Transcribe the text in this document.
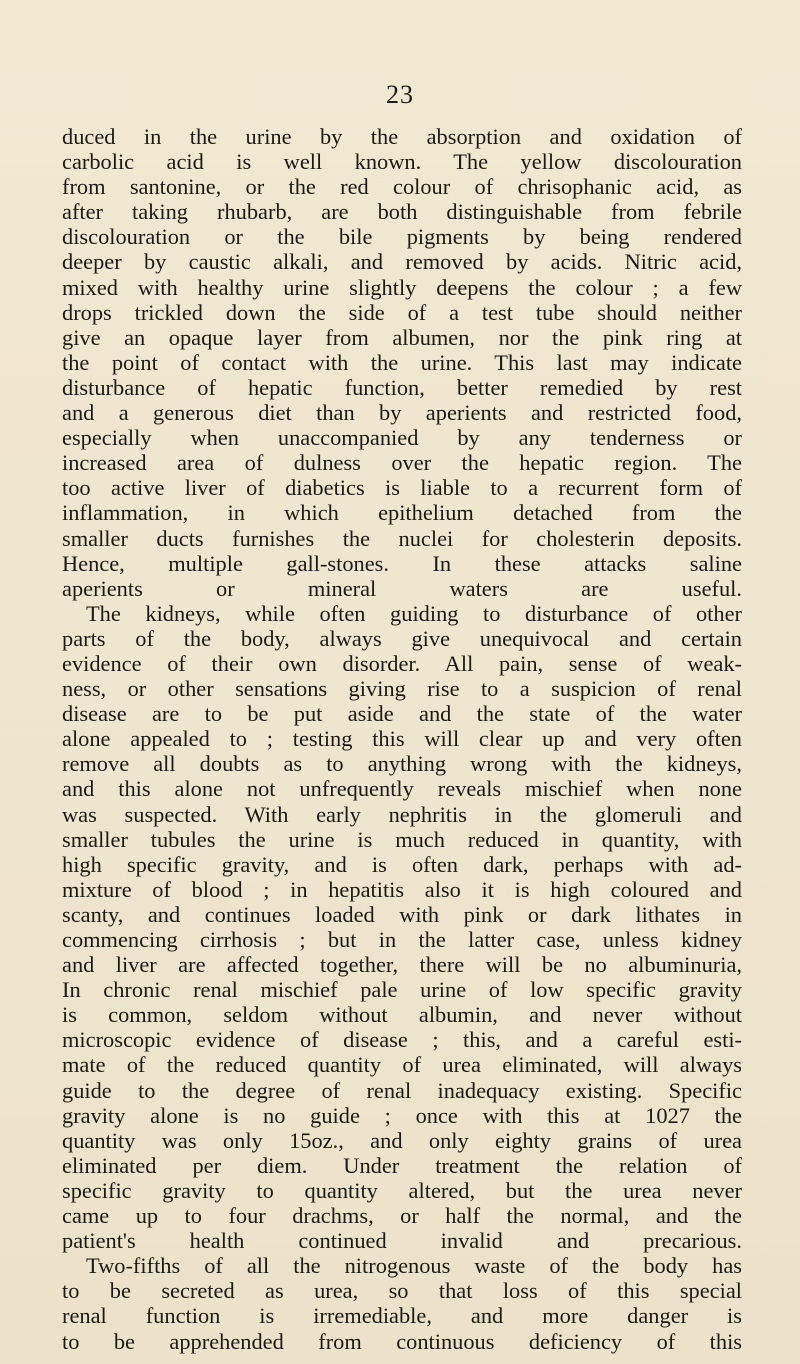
23
duced in the urine by the absorption and oxidation of
carbolic acid is well known. The yellow discolouration
from santonine, or the red colour of chrisophanic acid, as
after taking rhubarb, are both distinguishable from febrile
discolouration or the bile pigments by being rendered
deeper by caustic alkali, and removed by acids. Nitric acid,
mixed with healthy urine slightly deepens the colour ; a few
drops trickled down the side of a test tube should neither
give an opaque layer from albumen, nor the pink ring at
the point of contact with the urine. This last may indicate
disturbance of hepatic function, better remedied by rest
and a generous diet than by aperients and restricted food,
especially when unaccompanied by any tenderness or
increased area of dulness over the hepatic region. The
too active liver of diabetics is liable to a recurrent form of
inflammation, in which epithelium detached from the
smaller ducts furnishes the nuclei for cholesterin deposits.
Hence, multiple gall-stones. In these attacks saline
aperients or mineral waters are useful.
The kidneys, while often guiding to disturbance of other
parts of the body, always give unequivocal and certain
evidence of their own disorder. All pain, sense of weak-
ness, or other sensations giving rise to a suspicion of renal
disease are to be put aside and the state of the water
alone appealed to ; testing this will clear up and very often
remove all doubts as to anything wrong with the kidneys,
and this alone not unfrequently reveals mischief when none
was suspected. With early nephritis in the glomeruli and
smaller tubules the urine is much reduced in quantity, with
high specific gravity, and is often dark, perhaps with ad-
mixture of blood ; in hepatitis also it is high coloured and
scanty, and continues loaded with pink or dark lithates in
commencing cirrhosis ; but in the latter case, unless kidney
and liver are affected together, there will be no albuminuria,
In chronic renal mischief pale urine of low specific gravity
is common, seldom without albumin, and never without
microscopic evidence of disease ; this, and a careful esti-
mate of the reduced quantity of urea eliminated, will always
guide to the degree of renal inadequacy existing. Specific
gravity alone is no guide ; once with this at 1027 the
quantity was only 15oz., and only eighty grains of urea
eliminated per diem. Under treatment the relation of
specific gravity to quantity altered, but the urea never
came up to four drachms, or half the normal, and the
patient's health continued invalid and precarious.
Two-fifths of all the nitrogenous waste of the body has
to be secreted as urea, so that loss of this special
renal function is irremediable, and more danger is
to be apprehended from continuous deficiency of this
